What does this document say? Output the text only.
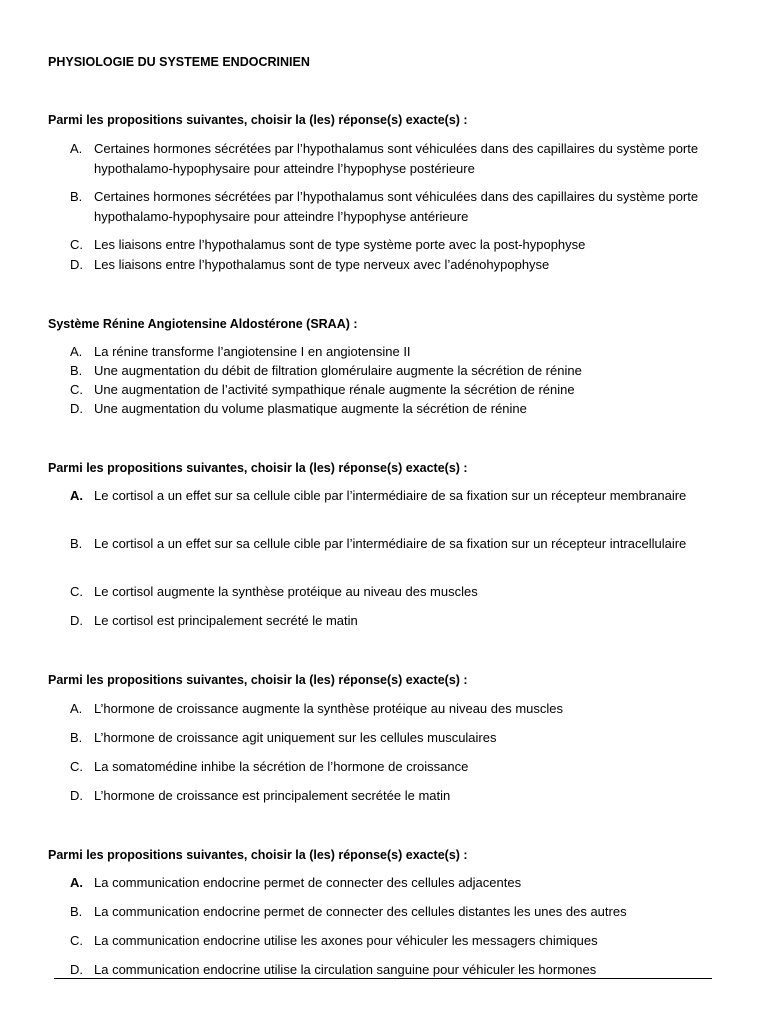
PHYSIOLOGIE DU SYSTEME ENDOCRINIEN

Parmi les propositions suivantes, choisir la (les) réponse(s) exacte(s) :

A. Certaines hormones sécrétées par l’hypothalamus sont véhiculées dans des capillaires du système porte hypothalamo-hypophysaire pour atteindre l’hypophyse postérieure
B. Certaines hormones sécrétées par l’hypothalamus sont véhiculées dans des capillaires du système porte hypothalamo-hypophysaire pour atteindre l’hypophyse antérieure
C. Les liaisons entre l’hypothalamus sont de type système porte avec la post-hypophyse
D. Les liaisons entre l’hypothalamus sont de type nerveux avec l’adénohypophyse

Système Rénine Angiotensine Aldostérone (SRAA) :

A. La rénine transforme l’angiotensine I en angiotensine II
B. Une augmentation du débit de filtration glomérulaire augmente la sécrétion de rénine
C. Une augmentation de l’activité sympathique rénale augmente la sécrétion de rénine
D. Une augmentation du volume plasmatique augmente la sécrétion de rénine

Parmi les propositions suivantes, choisir la (les) réponse(s) exacte(s) :

A. Le cortisol a un effet sur sa cellule cible par l’intermédiaire de sa fixation sur un récepteur membranaire
B. Le cortisol a un effet sur sa cellule cible par l’intermédiaire de sa fixation sur un récepteur intracellulaire
C. Le cortisol augmente la synthèse protéique au niveau des muscles
D. Le cortisol est principalement secrété le matin

Parmi les propositions suivantes, choisir la (les) réponse(s) exacte(s) :

A. L’hormone de croissance augmente la synthèse protéique au niveau des muscles
B. L’hormone de croissance agit uniquement sur les cellules musculaires
C. La somatomédine inhibe la sécrétion de l’hormone de croissance
D. L’hormone de croissance est principalement secrétée le matin

Parmi les propositions suivantes, choisir la (les) réponse(s) exacte(s) :

A. La communication endocrine permet de connecter des cellules adjacentes
B. La communication endocrine permet de connecter des cellules distantes les unes des autres
C. La communication endocrine utilise les axones pour véhiculer les messagers chimiques
D. La communication endocrine utilise la circulation sanguine pour véhiculer les hormones
